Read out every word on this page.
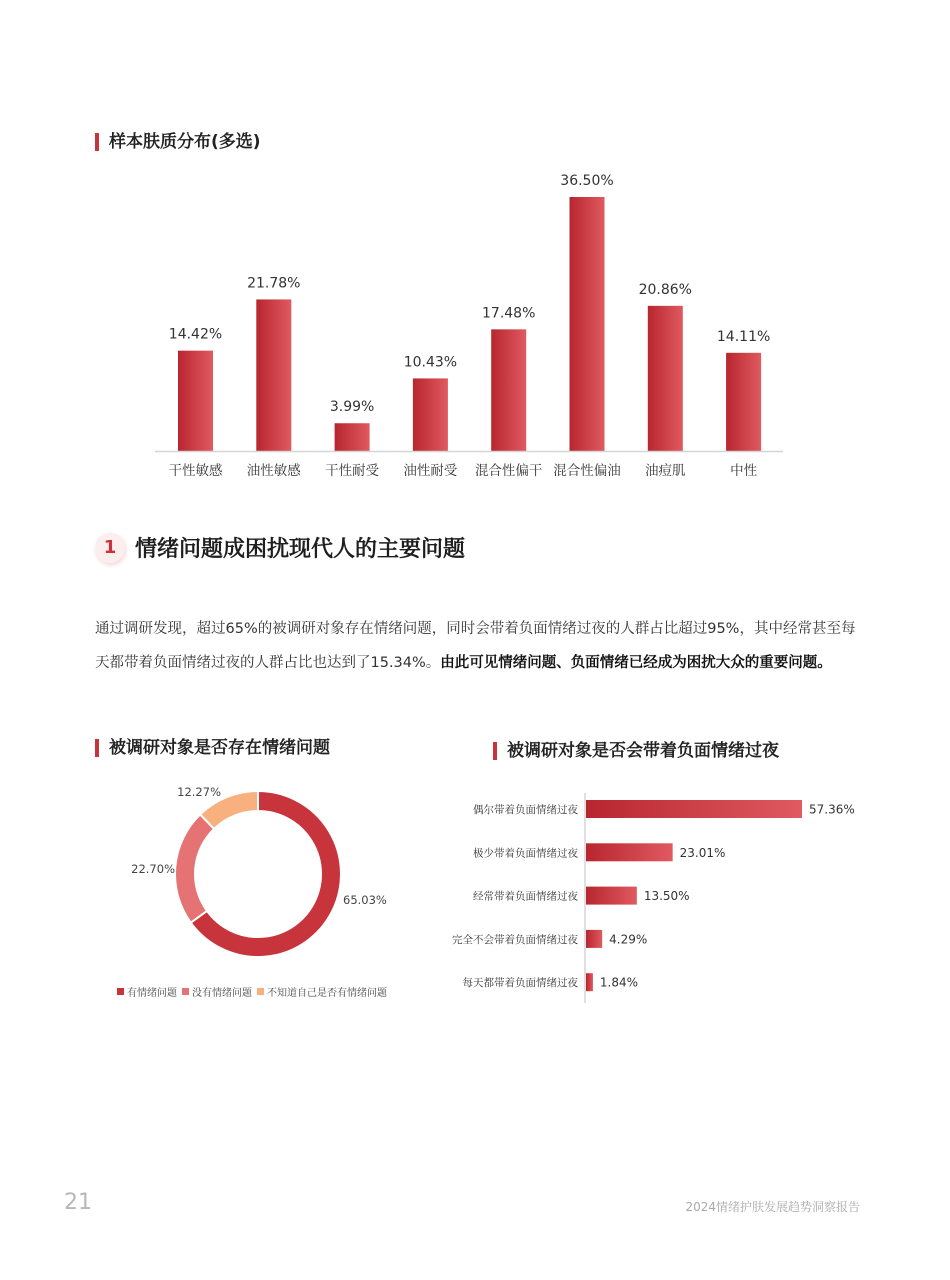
样本肤质分布(多选)
14.42%
干性敏感
21.78%
油性敏感
3.99%
干性耐受
10.43%
油性耐受
17.48%
混合性偏干
36.50%
混合性偏油
20.86%
油痘肌
14.11%
中性
1 情绪问题成困扰现代人的主要问题

通过调研发现，超过65%的被调研对象存在情绪问题，同时会带着负面情绪过夜的人群占比超过95%，其中经常甚至每天都带着负面情绪过夜的人群占比也达到了15.34%。由此可见情绪问题、负面情绪已经成为困扰大众的重要问题。

被调研对象是否存在情绪问题	被调研对象是否会带着负面情绪过夜
65.03%
22.70%
12.27%
有情绪问题 没有情绪问题 不知道自己是否有情绪问题
偶尔带着负面情绪过夜	57.36%
极少带着负面情绪过夜	23.01%
经常带着负面情绪过夜	13.50%
完全不会带着负面情绪过夜	4.29%
每天都带着负面情绪过夜 1.84%
21	2024情绪护肤发展趋势洞察报告
